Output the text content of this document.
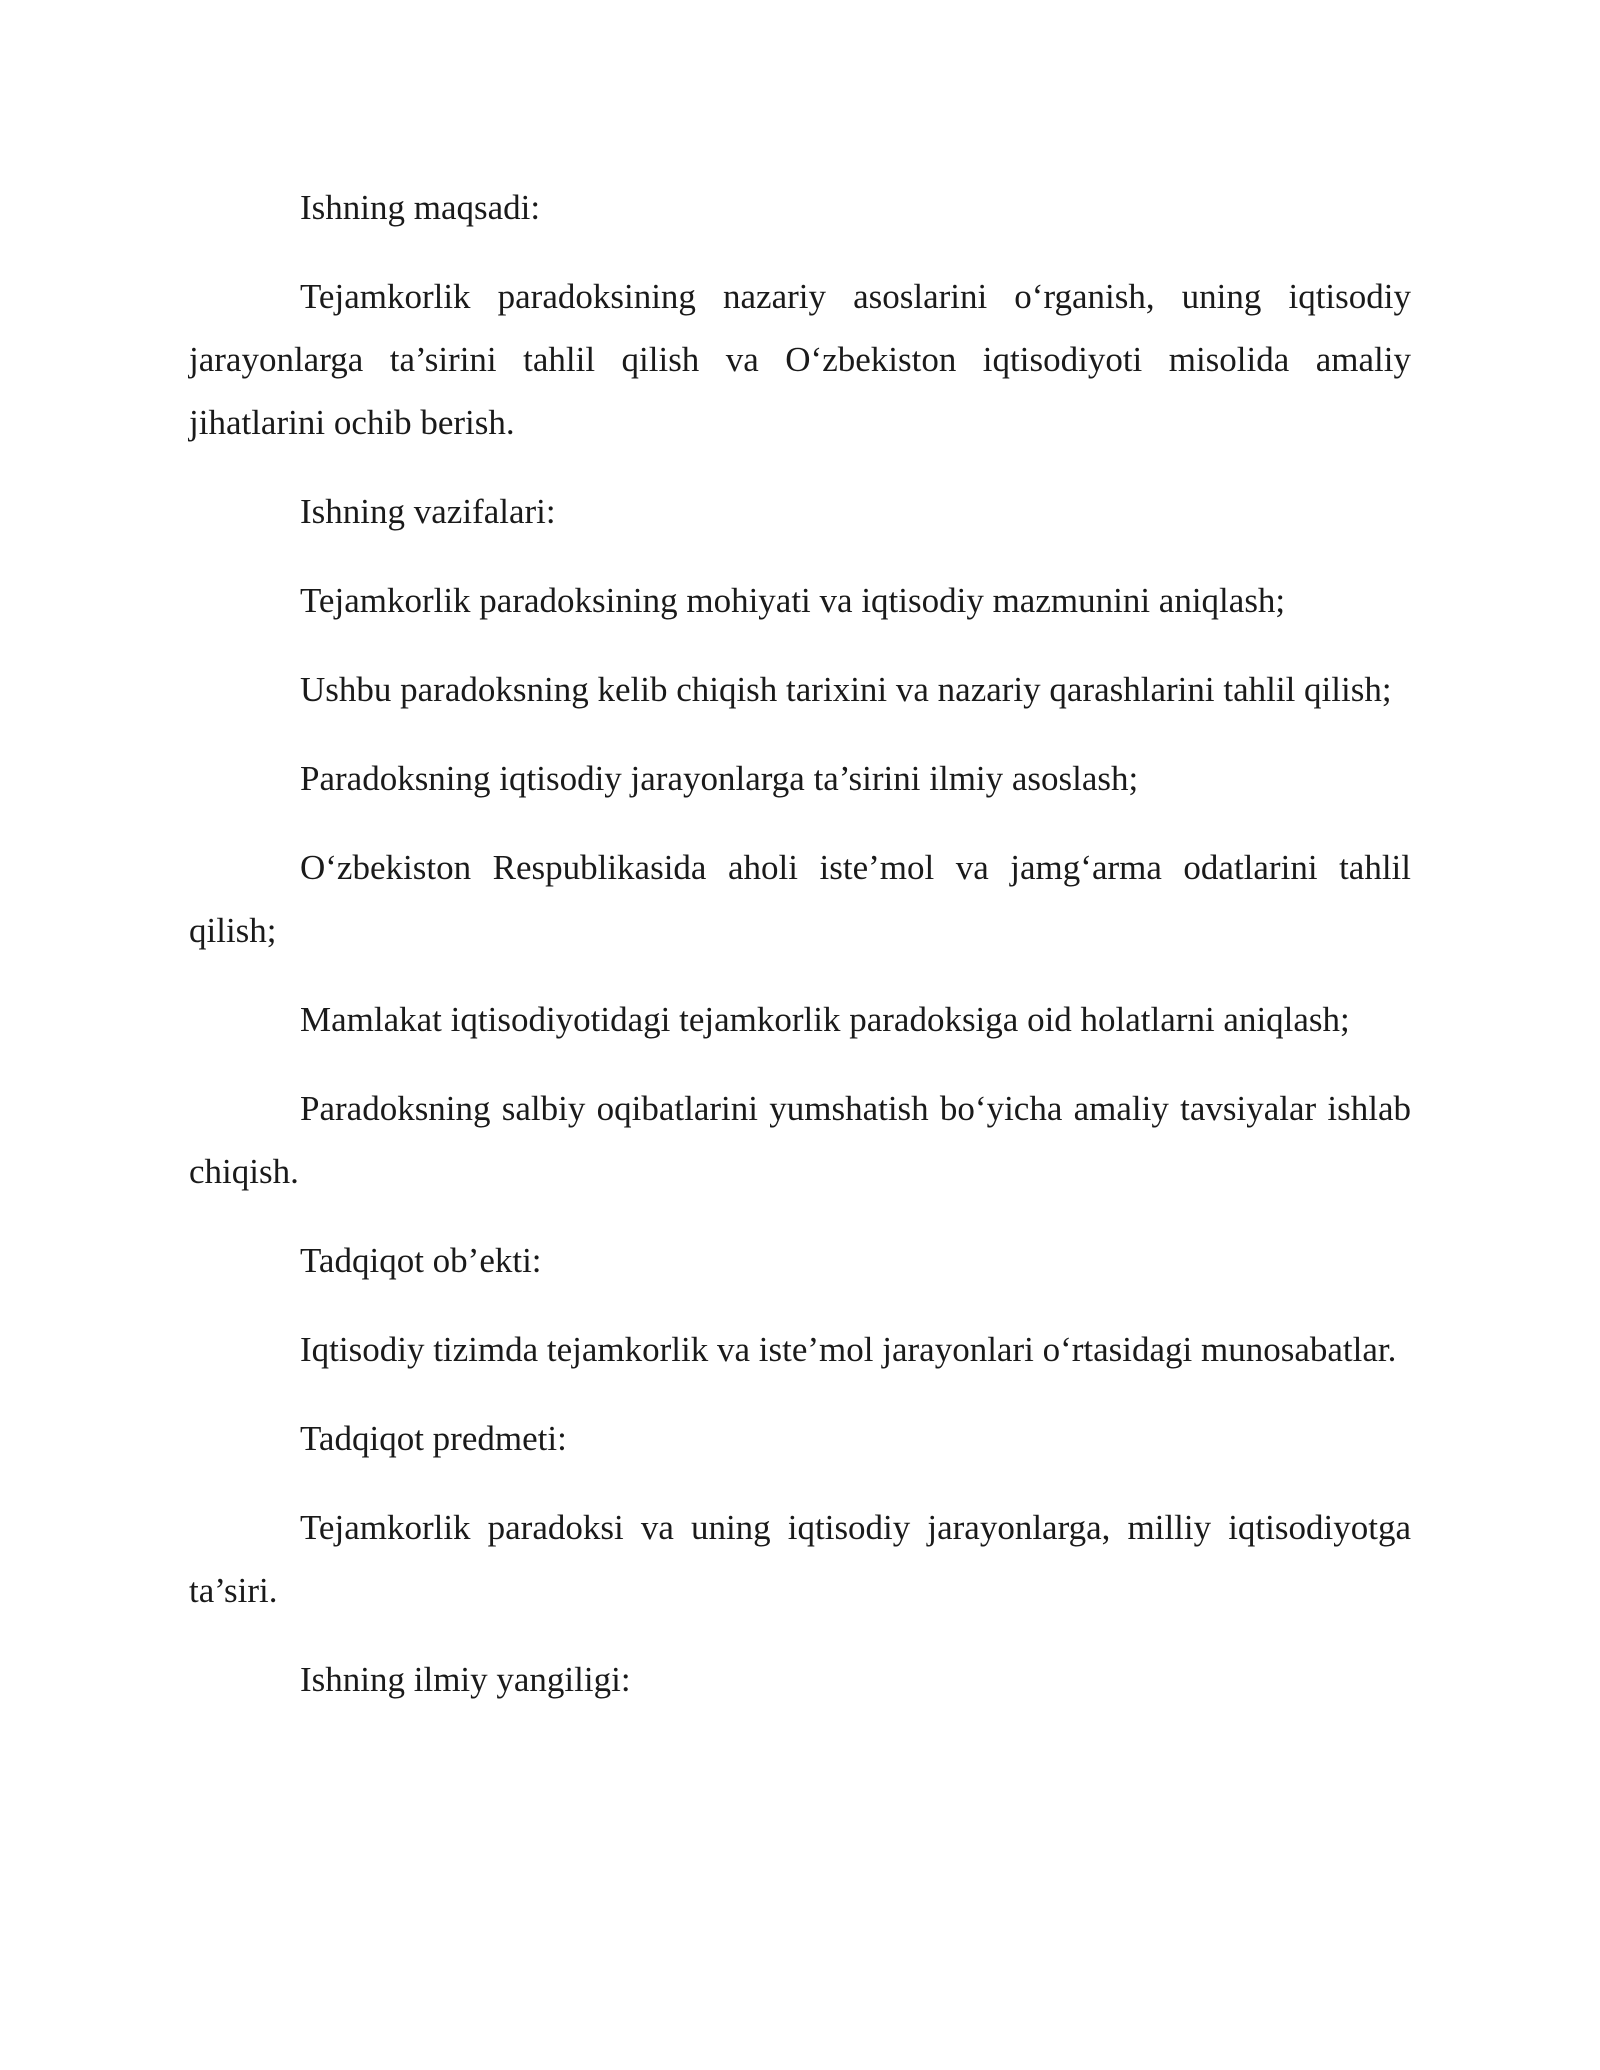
Ishning maqsadi:

Tejamkorlik paradoksining nazariy asoslarini o‘rganish, uning iqtisodiy jarayonlarga ta’sirini tahlil qilish va O‘zbekiston iqtisodiyoti misolida amaliy jihatlarini ochib berish.

Ishning vazifalari:

Tejamkorlik paradoksining mohiyati va iqtisodiy mazmunini aniqlash;

Ushbu paradoksning kelib chiqish tarixini va nazariy qarashlarini tahlil qilish;

Paradoksning iqtisodiy jarayonlarga ta’sirini ilmiy asoslash;

O‘zbekiston Respublikasida aholi iste’mol va jamg‘arma odatlarini tahlil qilish;

Mamlakat iqtisodiyotidagi tejamkorlik paradoksiga oid holatlarni aniqlash;

Paradoksning salbiy oqibatlarini yumshatish bo‘yicha amaliy tavsiyalar ishlab chiqish.

Tadqiqot ob’ekti:

Iqtisodiy tizimda tejamkorlik va iste’mol jarayonlari o‘rtasidagi munosabatlar.

Tadqiqot predmeti:

Tejamkorlik paradoksi va uning iqtisodiy jarayonlarga, milliy iqtisodiyotga ta’siri.

Ishning ilmiy yangiligi:
